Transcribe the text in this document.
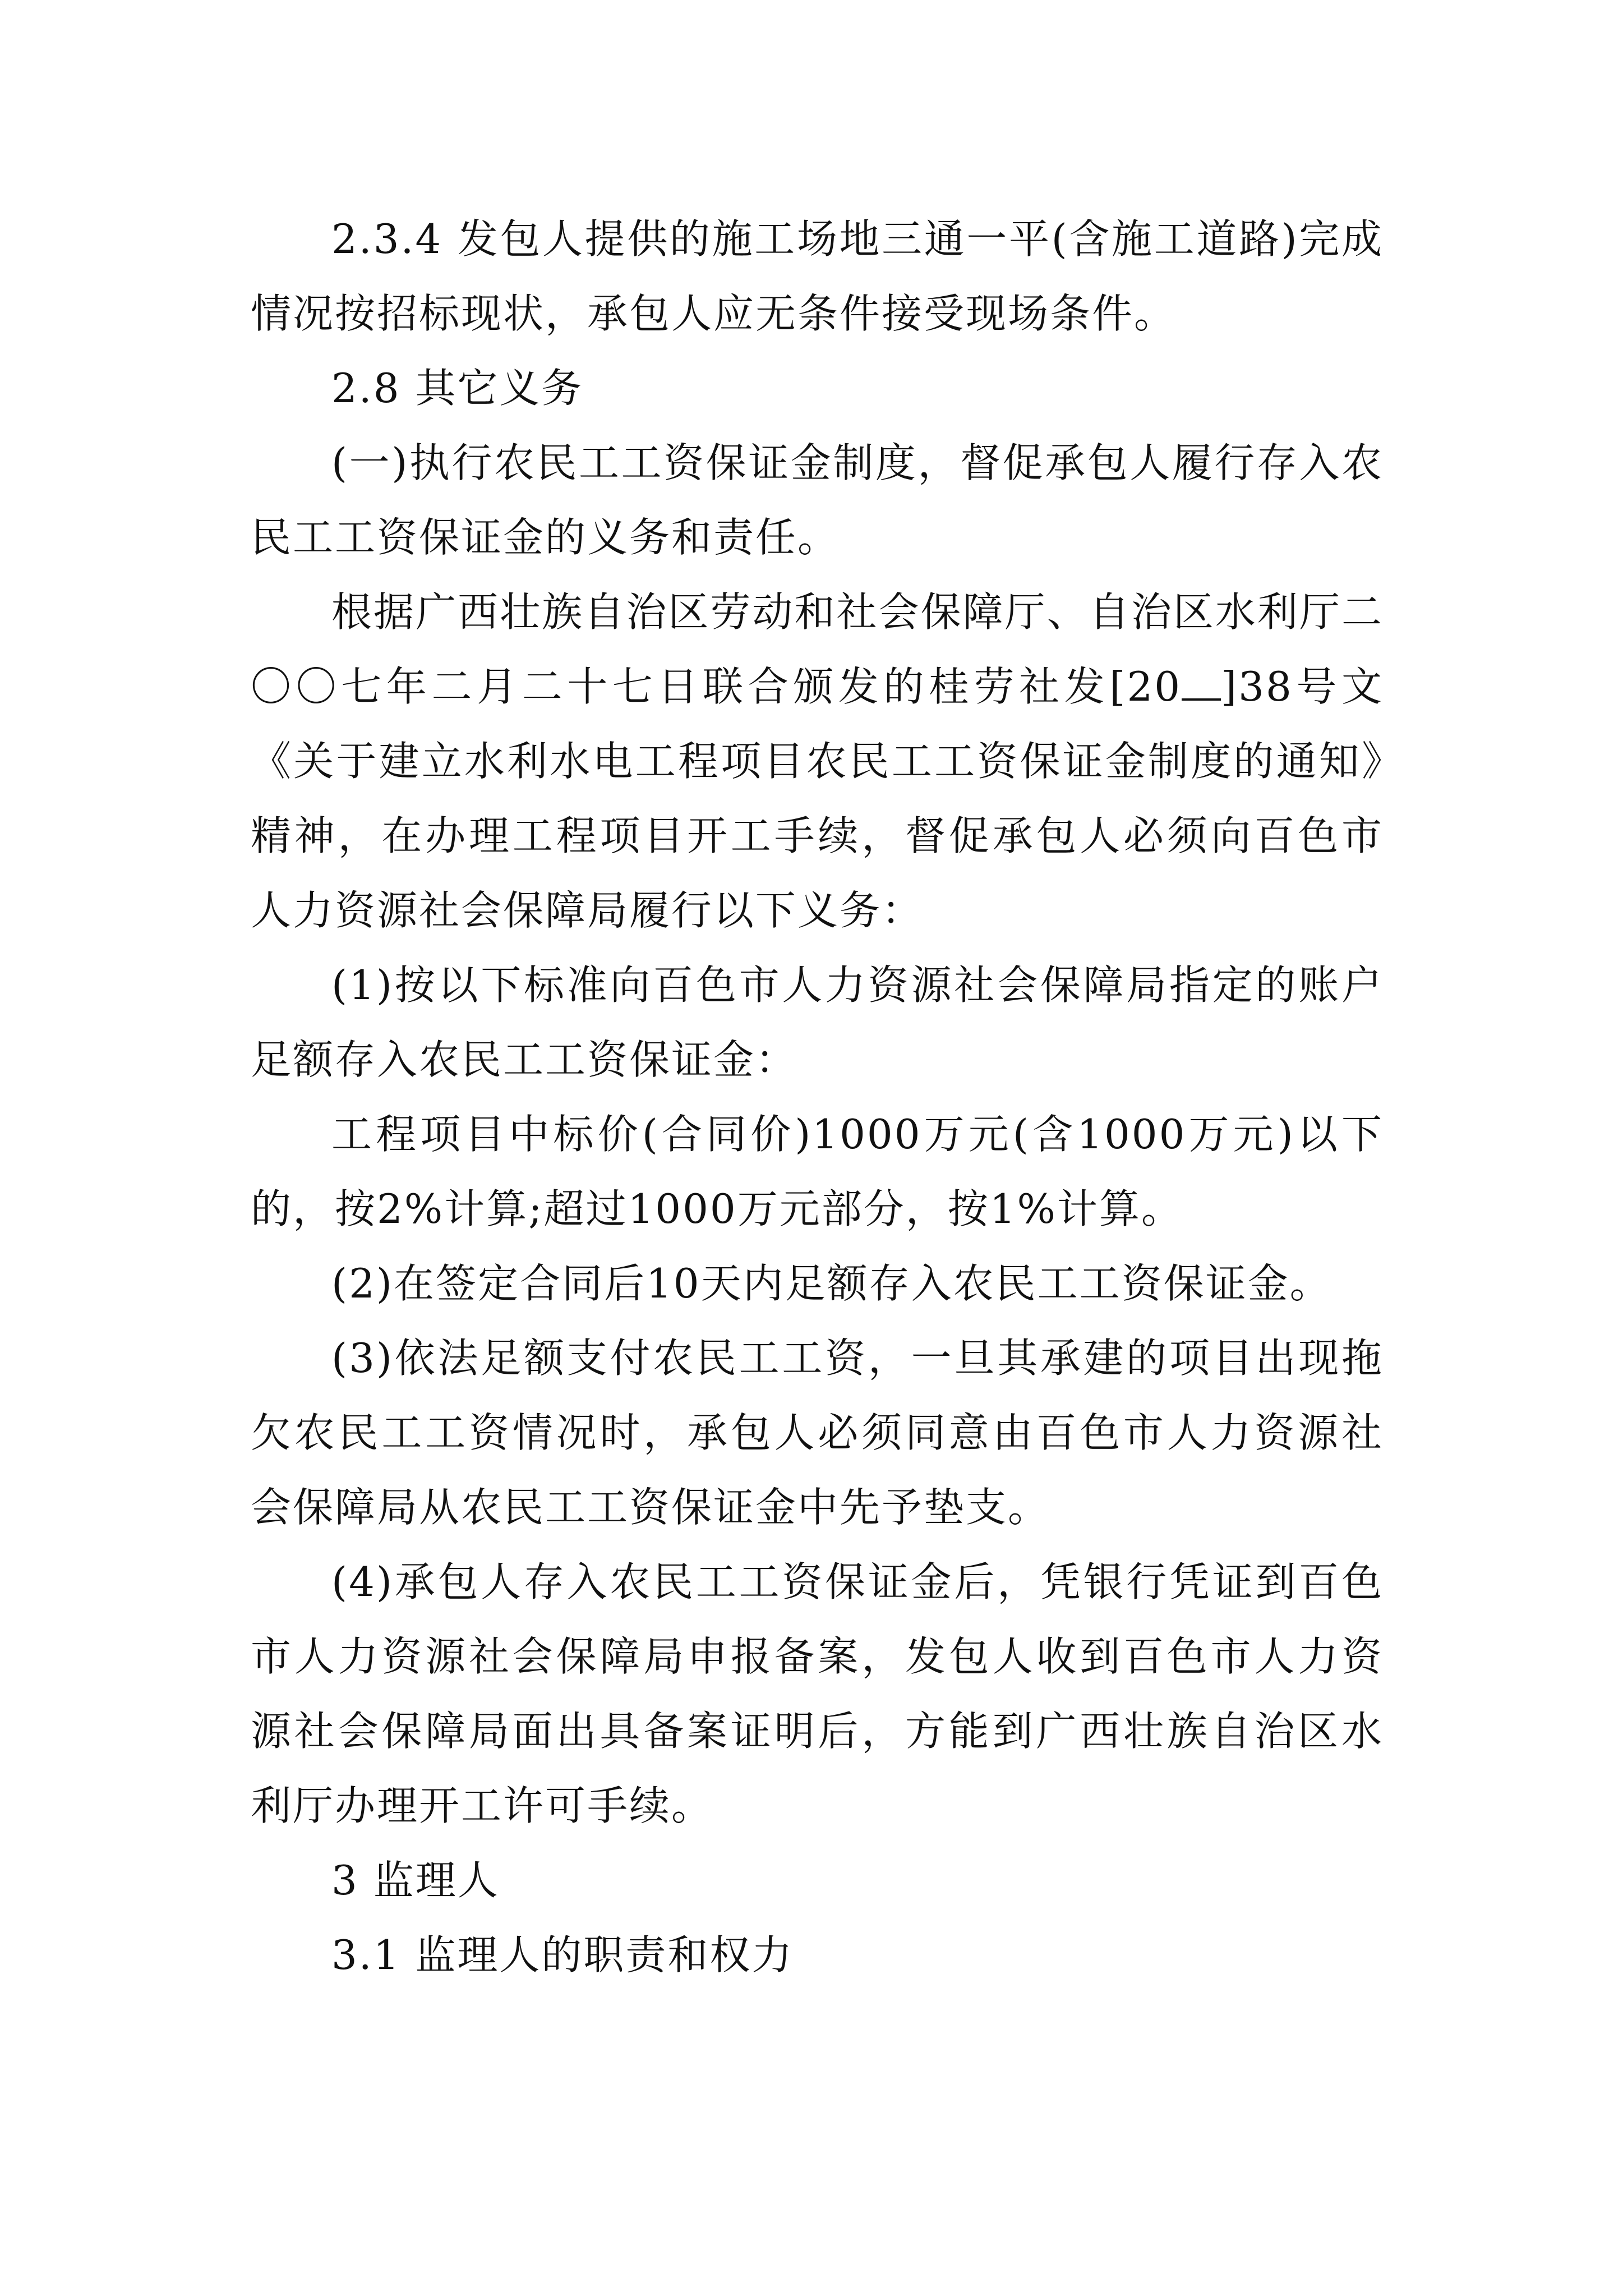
2.3.4 发包人提供的施工场地三通一平(含施工道路)完成情况按招标现状，承包人应无条件接受现场条件。

2.8 其它义务

(一)执行农民工工资保证金制度，督促承包人履行存入农民工工资保证金的义务和责任。

根据广西壮族自治区劳动和社会保障厅、自治区水利厅二〇〇七年二月二十七日联合颁发的桂劳社发[20 ]38号文《关于建立水利水电工程项目农民工工资保证金制度的通知》精神，在办理工程项目开工手续，督促承包人必须向百色市人力资源社会保障局履行以下义务：

(1)按以下标准向百色市人力资源社会保障局指定的账户足额存入农民工工资保证金：

工程项目中标价(合同价)1000万元(含1000万元)以下的，按2%计算;超过1000万元部分，按1%计算。

(2)在签定合同后10天内足额存入农民工工资保证金。

(3)依法足额支付农民工工资，一旦其承建的项目出现拖欠农民工工资情况时，承包人必须同意由百色市人力资源社会保障局从农民工工资保证金中先予垫支。

(4)承包人存入农民工工资保证金后，凭银行凭证到百色市人力资源社会保障局申报备案，发包人收到百色市人力资源社会保障局面出具备案证明后，方能到广西壮族自治区水利厅办理开工许可手续。

3 监理人

3.1 监理人的职责和权力
